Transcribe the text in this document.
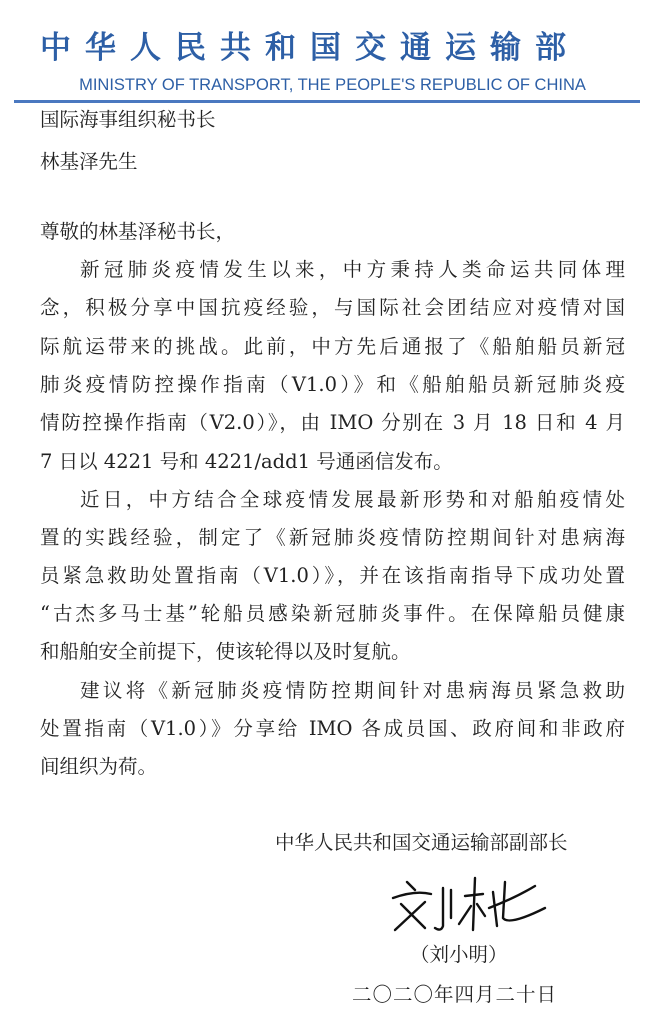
中华人民共和国交通运输部
MINISTRY OF TRANSPORT, THE PEOPLE'S REPUBLIC OF CHINA
国际海事组织秘书长
林基泽先生
尊敬的林基泽秘书长，
新冠肺炎疫情发生以来，中方秉持人类命运共同体理
念，积极分享中国抗疫经验，与国际社会团结应对疫情对国
际航运带来的挑战。此前，中方先后通报了《船舶船员新冠
肺炎疫情防控操作指南（V1.0）》和《船舶船员新冠肺炎疫
情防控操作指南（V2.0）》，由 IMO 分别在 3 月 18 日和 4 月
7 日以 4221 号和 4221/add1 号通函信发布。
近日，中方结合全球疫情发展最新形势和对船舶疫情处
置的实践经验，制定了《新冠肺炎疫情防控期间针对患病海
员紧急救助处置指南（V1.0）》，并在该指南指导下成功处置
“古杰多马士基”轮船员感染新冠肺炎事件。在保障船员健康
和船舶安全前提下，使该轮得以及时复航。
建议将《新冠肺炎疫情防控期间针对患病海员紧急救助
处置指南（V1.0）》分享给 IMO 各成员国、政府间和非政府
间组织为荷。
中华人民共和国交通运输部副部长
（刘小明）
二〇二〇年四月二十日
